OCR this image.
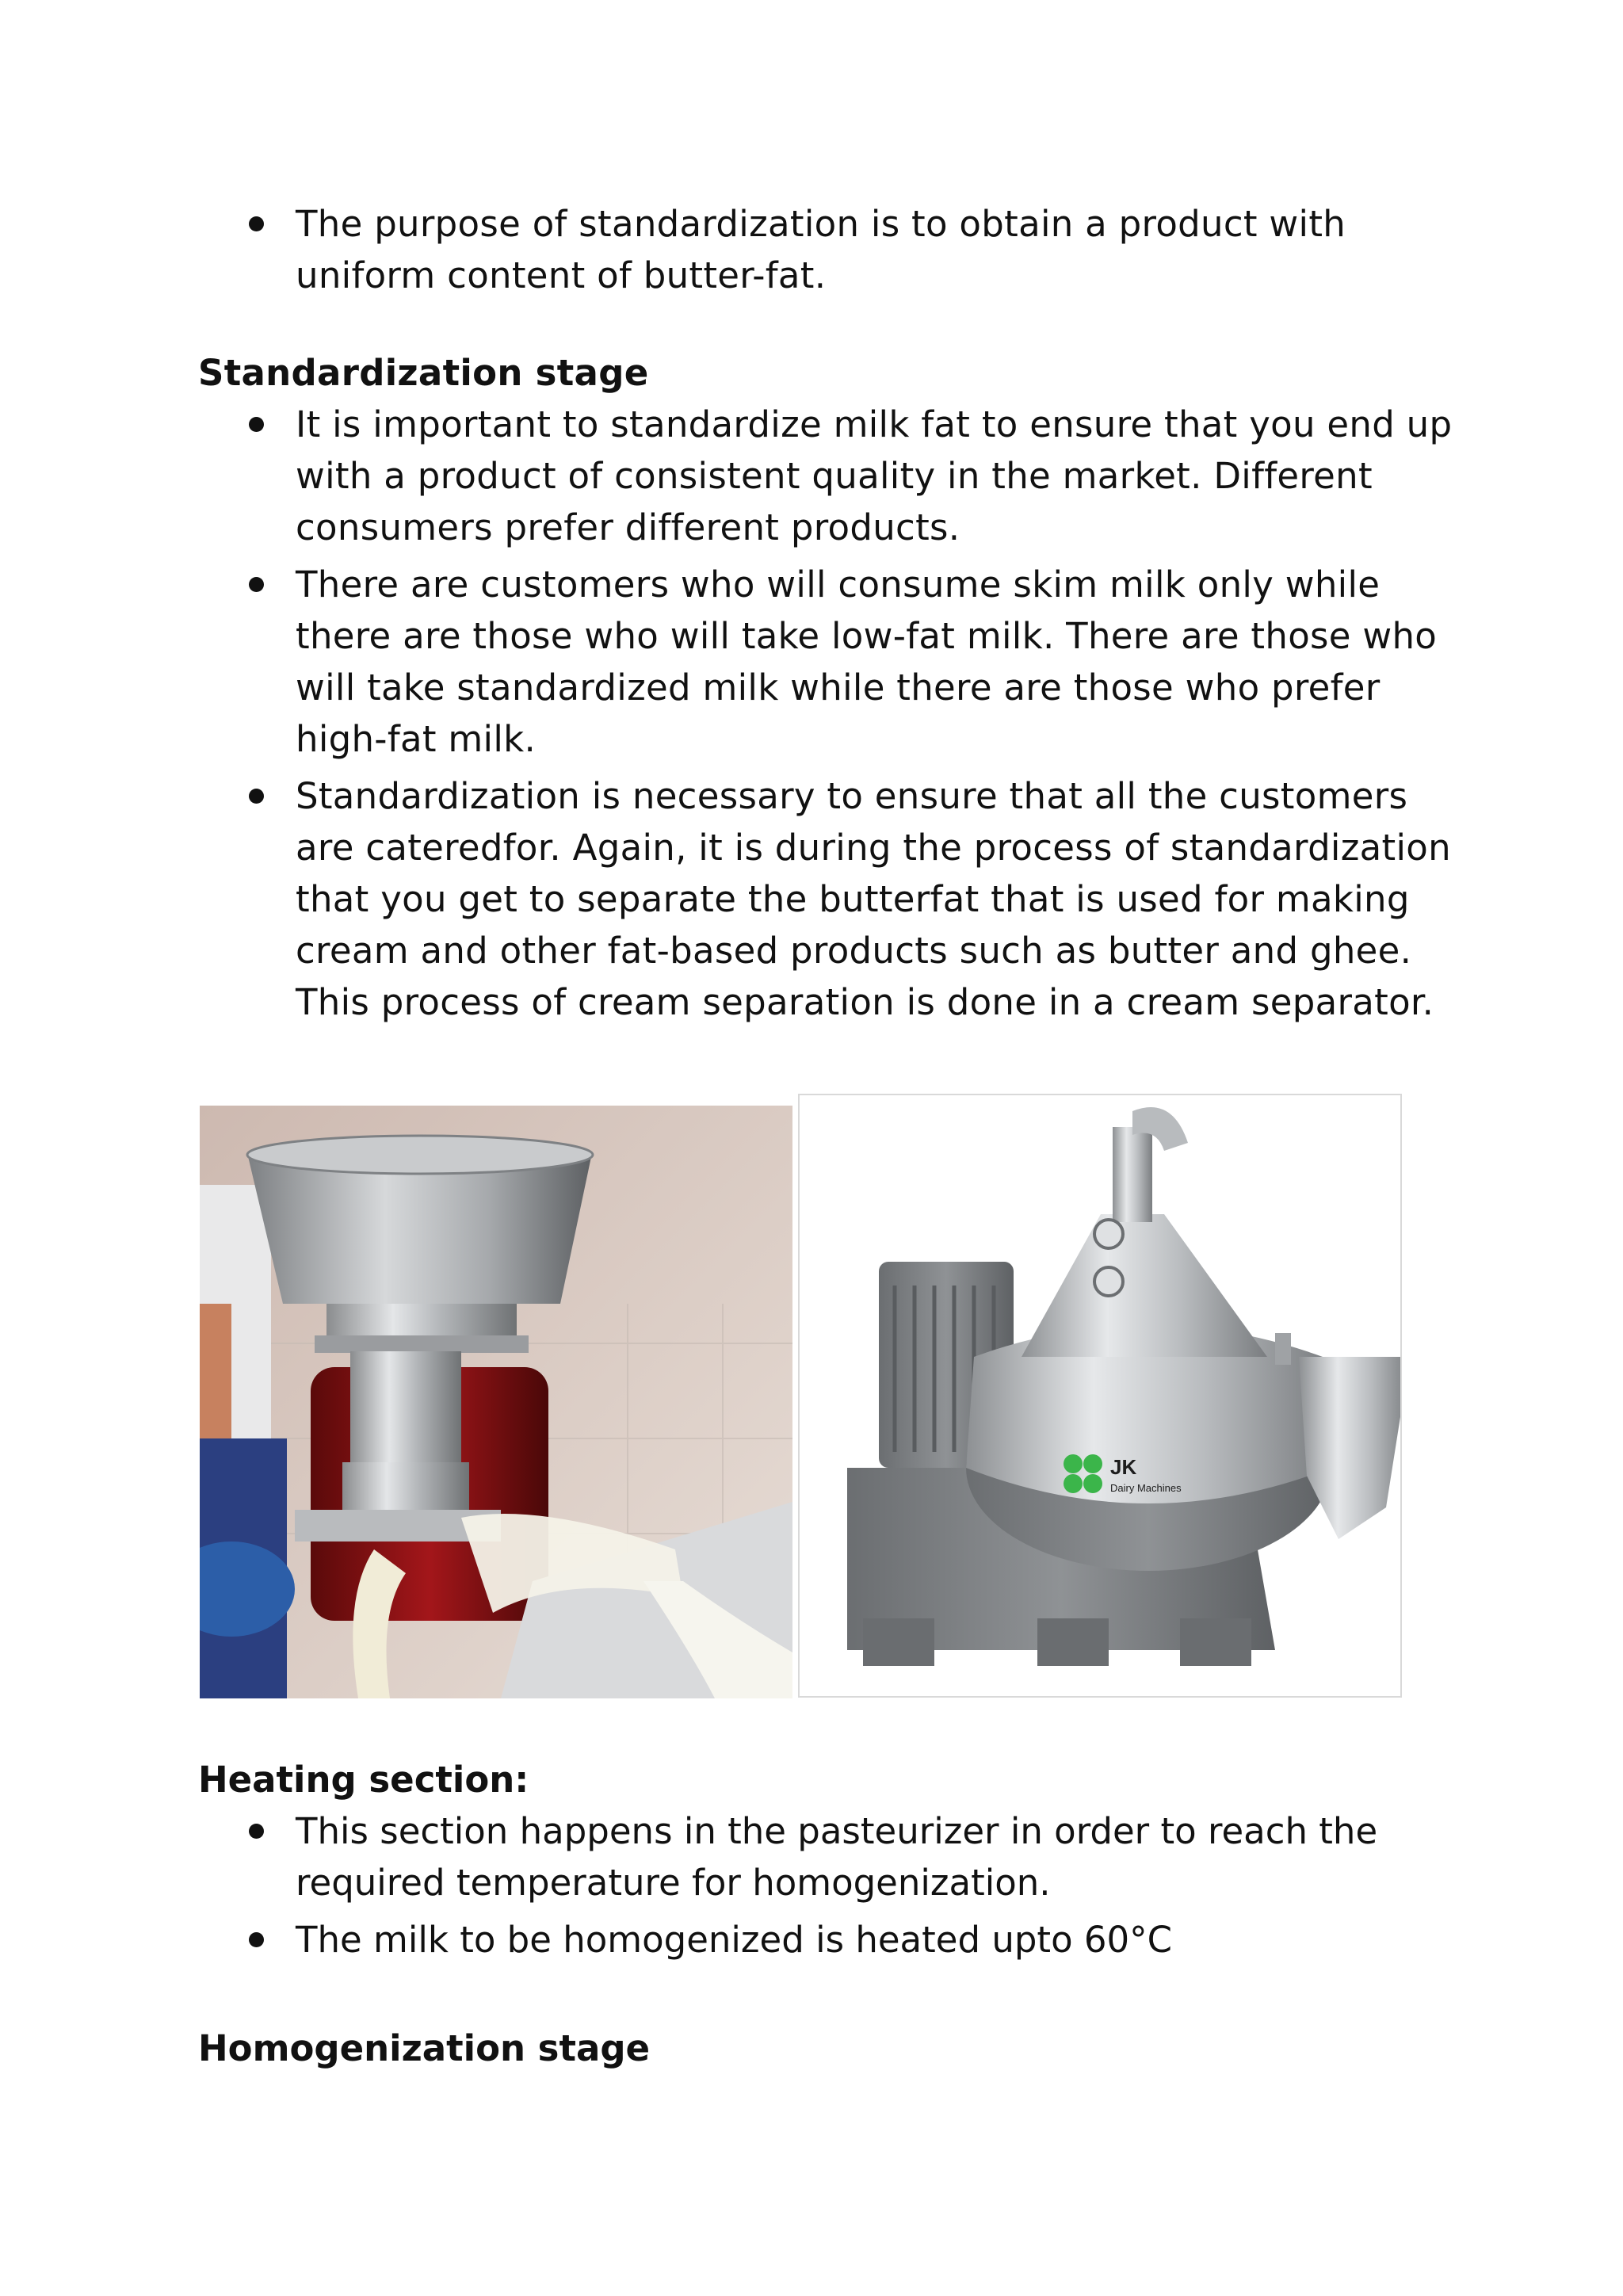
The purpose of standardization is to obtain a product with uniform content of butter-fat.
Standardization stage
It is important to standardize milk fat to ensure that you end up with a product of consistent quality in the market. Different consumers prefer different products.
There are customers who will consume skim milk only while there are those who will take low-fat milk. There are those who will take standardized milk while there are those who prefer high-fat milk.
Standardization is necessary to ensure that all the customers are cateredfor. Again, it is during the process of standardization that you get to separate the butterfat that is used for making cream and other fat-based products such as butter and ghee. This process of cream separation is done in a cream separator.
JK
Dairy Machines
Heating section:
This section happens in the pasteurizer in order to reach the required temperature for homogenization.
The milk to be homogenized is heated upto 60°C
Homogenization stage
